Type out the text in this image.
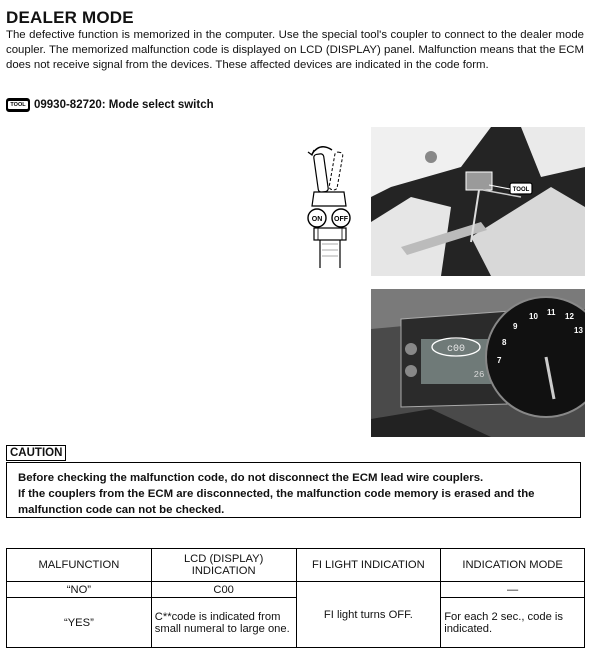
DEALER MODE
The defective function is memorized in the computer. Use the special tool's coupler to connect to the dealer mode coupler. The memorized malfunction code is displayed on LCD (DISPLAY) panel. Malfunction means that the ECM does not receive signal from the devices. These affected devices are indicated in the code form.
TOOL 09930-82720: Mode select switch
ON OFF
TOOL
c00
26
10 11 12
13
9
8
7
CAUTION
Before checking the malfunction code, do not disconnect the ECM lead wire couplers.
If the couplers from the ECM are disconnected, the malfunction code memory is erased and the malfunction code can not be checked.
MALFUNCTION	LCD (DISPLAY) INDICATION	FI LIGHT INDICATION	INDICATION MODE
“NO”	C00	FI light turns OFF.	—
“YES”	C**code is indicated from small numeral to large one.		For each 2 sec., code is indicated.
